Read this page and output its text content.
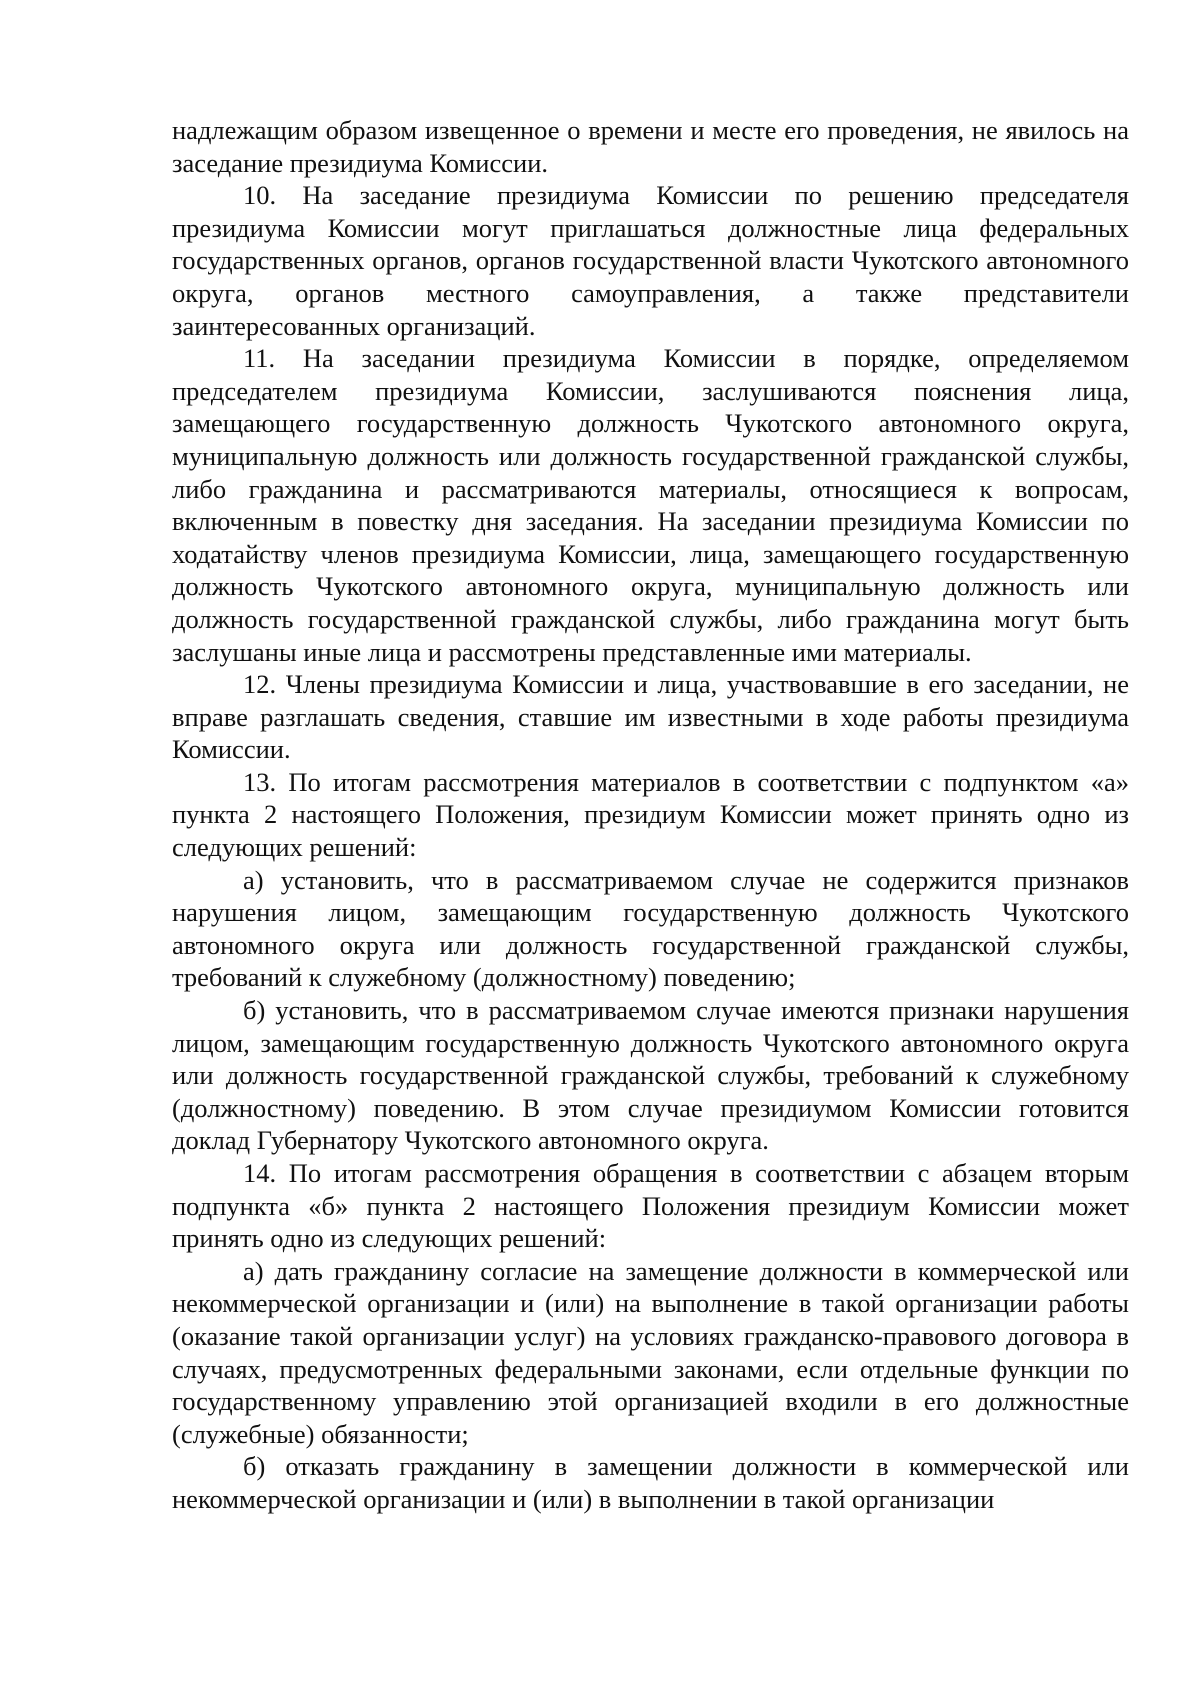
надлежащим образом извещенное о времени и месте его проведения, не явилось на заседание президиума Комиссии.

10. На заседание президиума Комиссии по решению председателя президиума Комиссии могут приглашаться должностные лица федеральных государственных органов, органов государственной власти Чукотского автономного округа, органов местного самоуправления, а также представители заинтересованных организаций.

11. На заседании президиума Комиссии в порядке, определяемом председателем президиума Комиссии, заслушиваются пояснения лица, замещающего государственную должность Чукотского автономного округа, муниципальную должность или должность государственной гражданской службы, либо гражданина и рассматриваются материалы, относящиеся к вопросам, включенным в повестку дня заседания. На заседании президиума Комиссии по ходатайству членов президиума Комиссии, лица, замещающего государственную должность Чукотского автономного округа, муниципальную должность или должность государственной гражданской службы, либо гражданина могут быть заслушаны иные лица и рассмотрены представленные ими материалы.

12. Члены президиума Комиссии и лица, участвовавшие в его заседании, не вправе разглашать сведения, ставшие им известными в ходе работы президиума Комиссии.

13. По итогам рассмотрения материалов в соответствии с подпунктом «а» пункта 2 настоящего Положения, президиум Комиссии может принять одно из следующих решений:

а) установить, что в рассматриваемом случае не содержится признаков нарушения лицом, замещающим государственную должность Чукотского автономного округа или должность государственной гражданской службы, требований к служебному (должностному) поведению;

б) установить, что в рассматриваемом случае имеются признаки нарушения лицом, замещающим государственную должность Чукотского автономного округа или должность государственной гражданской службы, требований к служебному (должностному) поведению. В этом случае президиумом Комиссии готовится доклад Губернатору Чукотского автономного округа.

14. По итогам рассмотрения обращения в соответствии с абзацем вторым подпункта «б» пункта 2 настоящего Положения президиум Комиссии может принять одно из следующих решений:

а) дать гражданину согласие на замещение должности в коммерческой или некоммерческой организации и (или) на выполнение в такой организации работы (оказание такой организации услуг) на условиях гражданско-правового договора в случаях, предусмотренных федеральными законами, если отдельные функции по государственному управлению этой организацией входили в его должностные (служебные) обязанности;

б) отказать гражданину в замещении должности в коммерческой или некоммерческой организации и (или) в выполнении в такой организации
